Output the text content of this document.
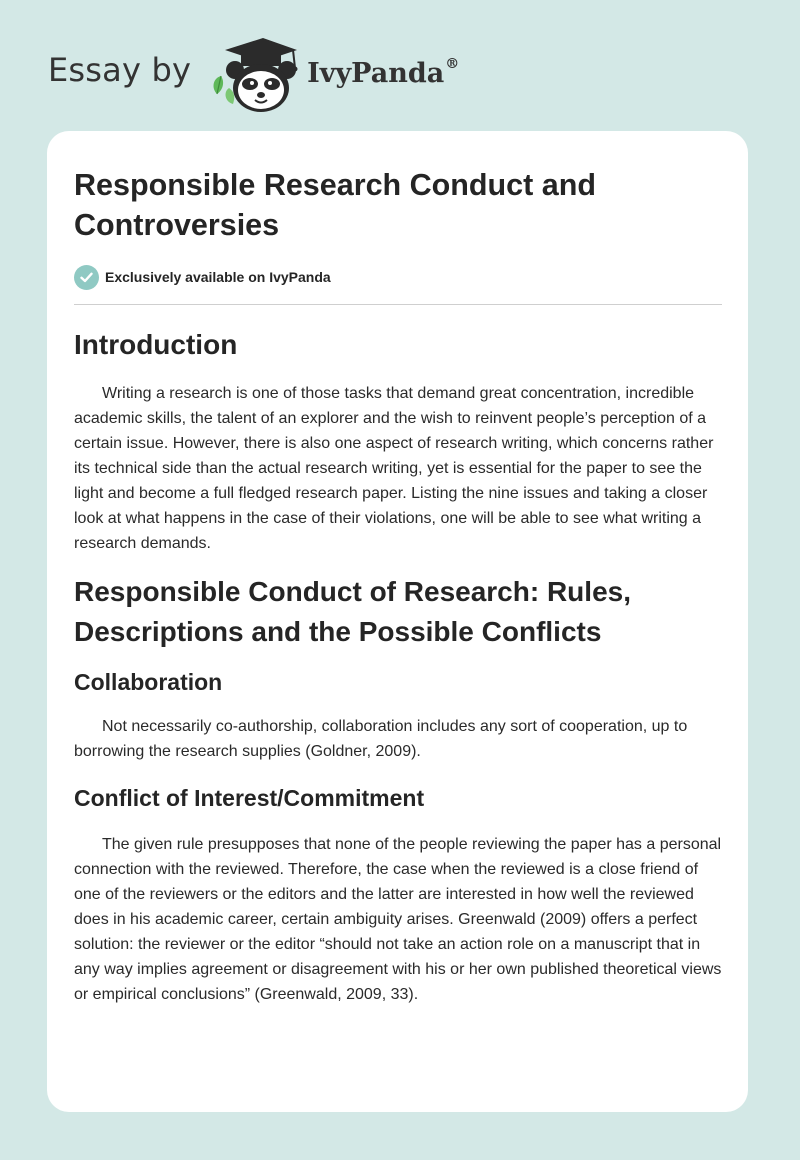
Essay by	IvyPanda®
Responsible Research Conduct and Controversies
Exclusively available on IvyPanda
Introduction

Writing a research is one of those tasks that demand great concentration, incredible academic skills, the talent of an explorer and the wish to reinvent people’s perception of a certain issue. However, there is also one aspect of research writing, which concerns rather its technical side than the actual research writing, yet is essential for the paper to see the light and become a full fledged research paper. Listing the nine issues and taking a closer look at what happens in the case of their violations, one will be able to see what writing a research demands.

Responsible Conduct of Research: Rules, Descriptions and the Possible Conflicts
Collaboration

Not necessarily co-authorship, collaboration includes any sort of cooperation, up to borrowing the research supplies (Goldner, 2009).

Conflict of Interest/Commitment

The given rule presupposes that none of the people reviewing the paper has a personal connection with the reviewed. Therefore, the case when the reviewed is a close friend of one of the reviewers or the editors and the latter are interested in how well the reviewed does in his academic career, certain ambiguity arises. Greenwald (2009) offers a perfect solution: the reviewer or the editor “should not take an action role on a manuscript that in any way implies agreement or disagreement with his or her own published theoretical views or empirical conclusions” (Greenwald, 2009, 33).
